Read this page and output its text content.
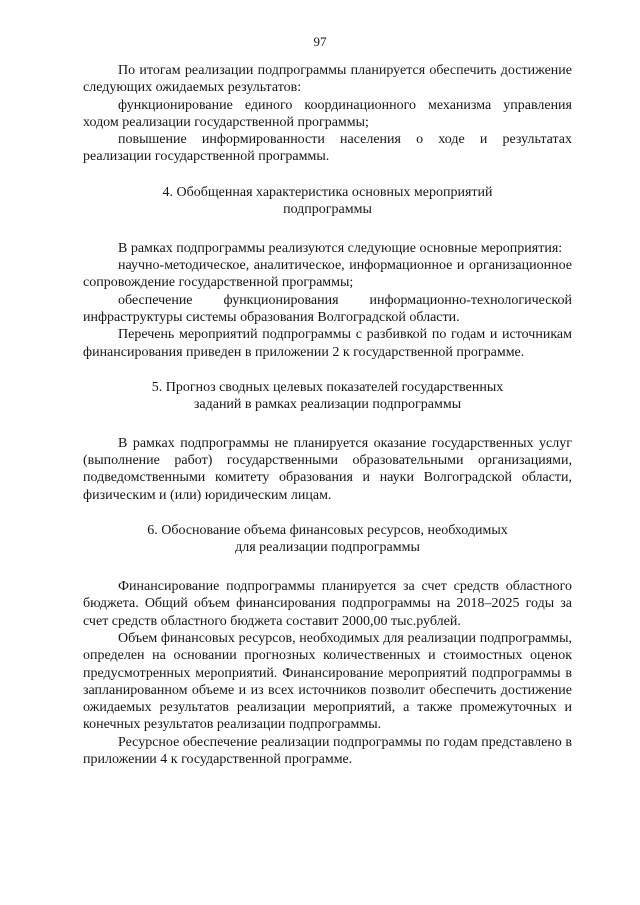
97

По итогам реализации подпрограммы планируется обеспечить достижение следующих ожидаемых результатов:

функционирование единого координационного механизма управления ходом реализации государственной программы;

повышение информированности населения о ходе и результатах реализации государственной программы.

4. Обобщенная характеристика основных мероприятий
подпрограммы

В рамках подпрограммы реализуются следующие основные мероприятия:

научно-методическое, аналитическое, информационное и организационное сопровождение государственной программы;

обеспечение функционирования информационно-технологической инфраструктуры системы образования Волгоградской области.

Перечень мероприятий подпрограммы с разбивкой по годам и источникам финансирования приведен в приложении 2 к государственной программе.

5. Прогноз сводных целевых показателей государственных
заданий в рамках реализации подпрограммы

В рамках подпрограммы не планируется оказание государственных услуг (выполнение работ) государственными образовательными организациями, подведомственными комитету образования и науки Волгоградской области, физическим и (или) юридическим лицам.

6. Обоснование объема финансовых ресурсов, необходимых
для реализации подпрограммы

Финансирование подпрограммы планируется за счет средств областного бюджета. Общий объем финансирования подпрограммы на 2018–2025 годы за счет средств областного бюджета составит 2000,00 тыс.рублей.

Объем финансовых ресурсов, необходимых для реализации подпрограммы, определен на основании прогнозных количественных и стоимостных оценок предусмотренных мероприятий. Финансирование мероприятий подпрограммы в запланированном объеме и из всех источников позволит обеспечить достижение ожидаемых результатов реализации мероприятий, а также промежуточных и конечных результатов реализации подпрограммы.

Ресурсное обеспечение реализации подпрограммы по годам представлено в приложении 4 к государственной программе.
